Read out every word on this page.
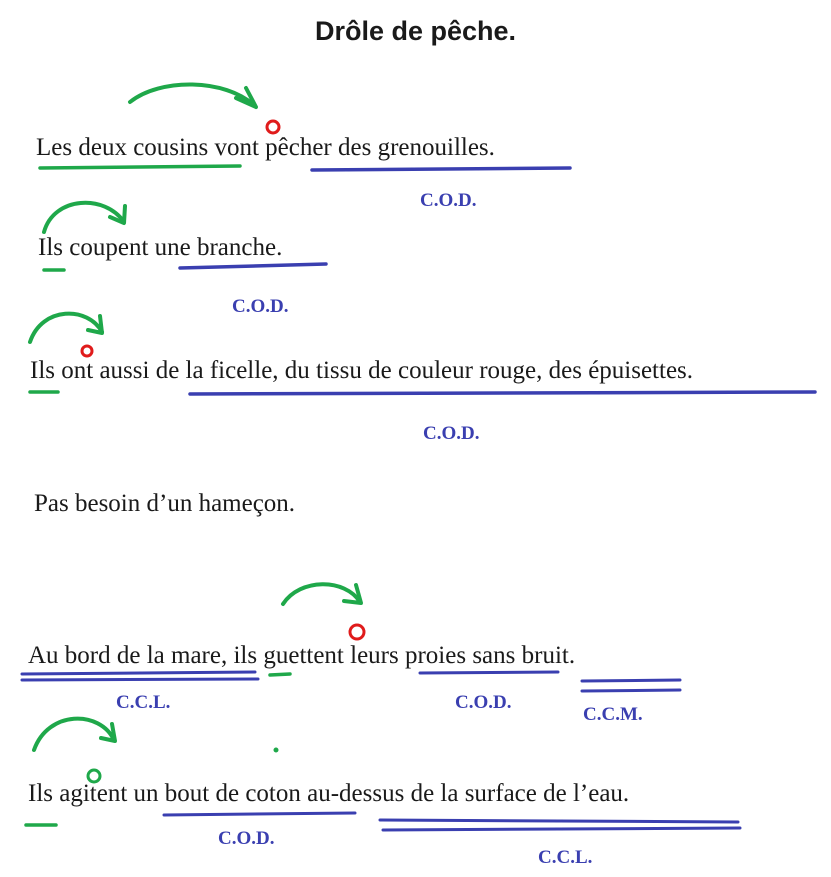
Drôle de pêche.
Les deux cousins vont pêcher des grenouilles.
Ils coupent une branche.
Ils ont aussi de la ficelle, du tissu de couleur rouge, des épuisettes.
Pas besoin d’un hameçon.
Au bord de la mare, ils guettent leurs proies sans bruit.
Ils agitent un bout de coton au-dessus de la surface de l’eau.
C.O.D.
C.O.D.
C.O.D.
C.C.L.	C.O.D.
C.C.M.
C.O.D.
C.C.L.
